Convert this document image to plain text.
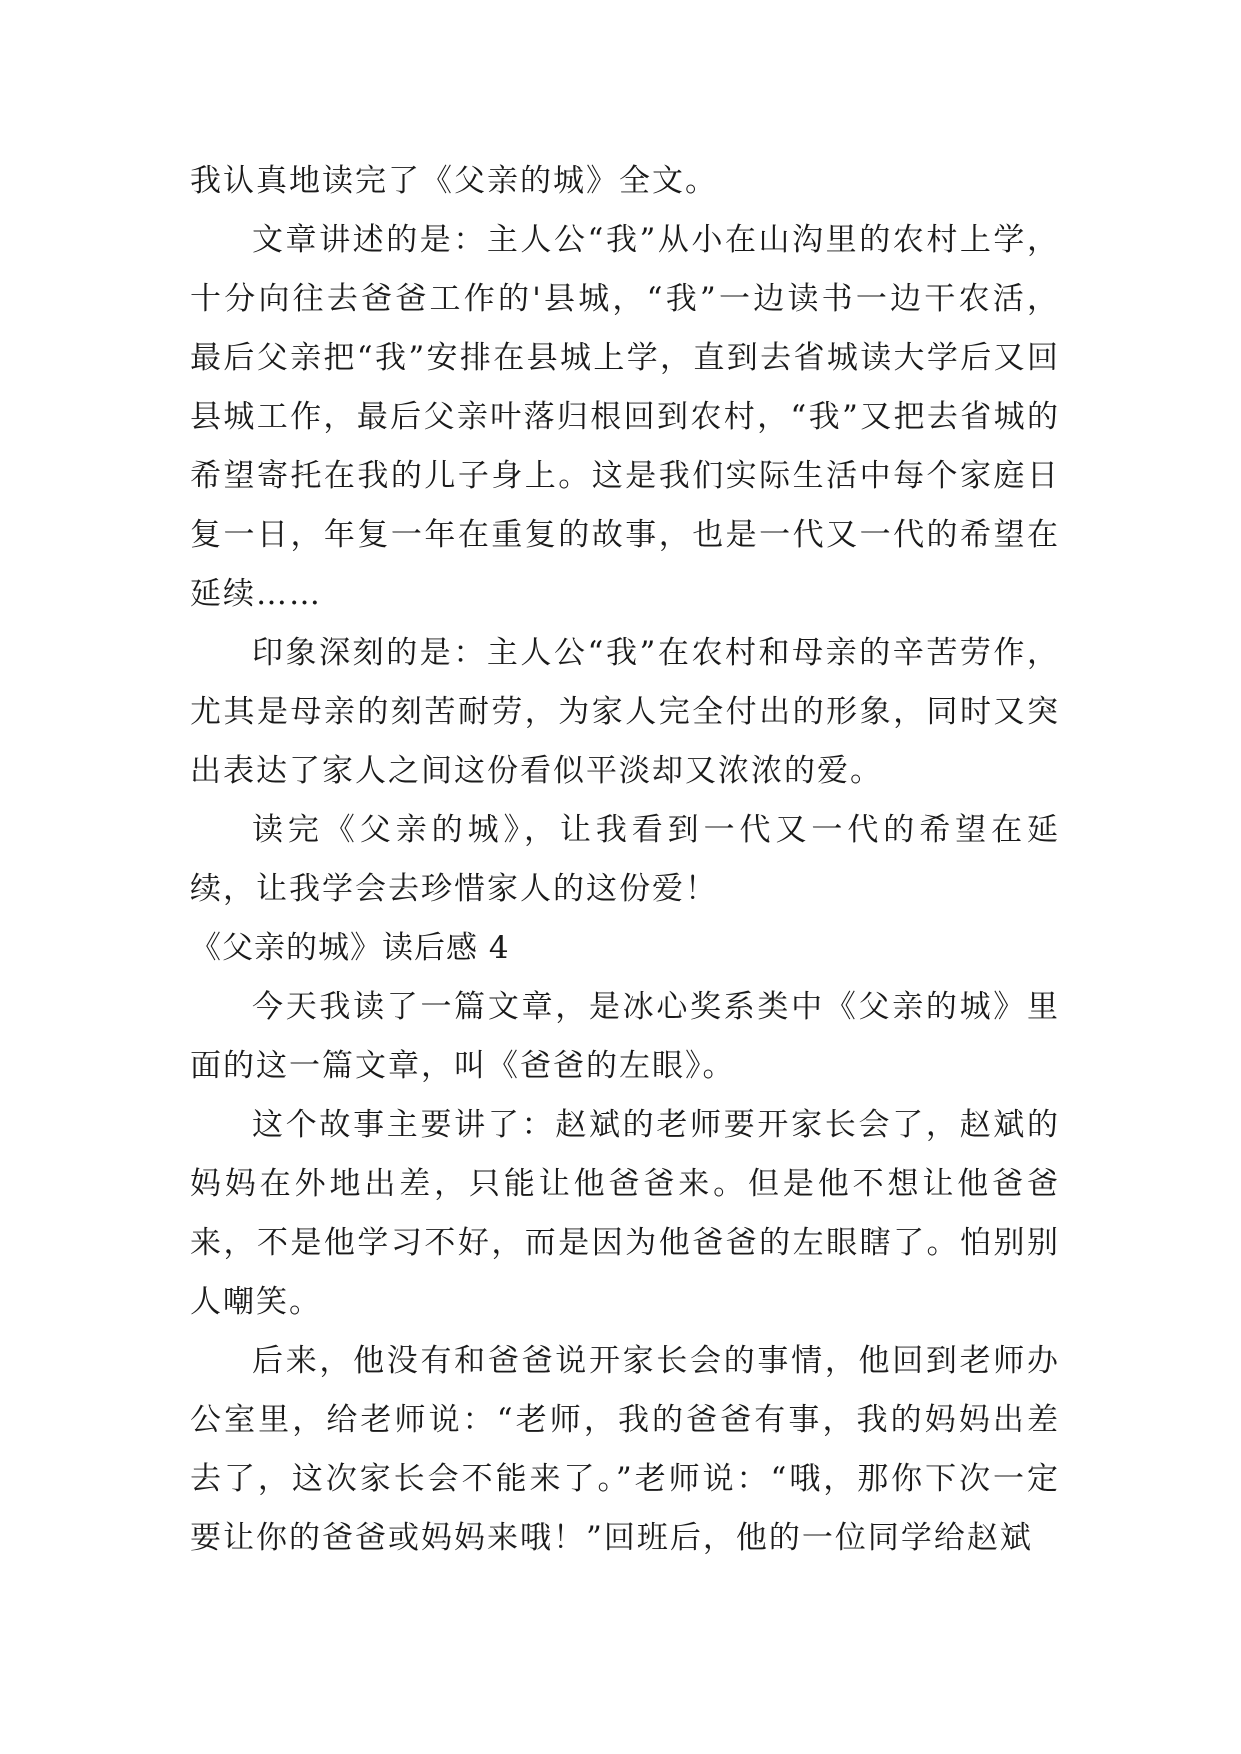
我认真地读完了《父亲的城》全文。

文章讲述的是：主人公“我”从小在山沟里的农村上学，十分向往去爸爸工作的'县城，“我”一边读书一边干农活，最后父亲把“我”安排在县城上学，直到去省城读大学后又回县城工作，最后父亲叶落归根回到农村，“我”又把去省城的希望寄托在我的儿子身上。这是我们实际生活中每个家庭日复一日，年复一年在重复的故事，也是一代又一代的希望在延续……

印象深刻的是：主人公“我”在农村和母亲的辛苦劳作，尤其是母亲的刻苦耐劳，为家人完全付出的形象，同时又突出表达了家人之间这份看似平淡却又浓浓的爱。

读完《父亲的城》，让我看到一代又一代的希望在延续，让我学会去珍惜家人的这份爱！

《父亲的城》读后感 4

今天我读了一篇文章，是冰心奖系类中《父亲的城》里面的这一篇文章，叫《爸爸的左眼》。

这个故事主要讲了：赵斌的老师要开家长会了，赵斌的妈妈在外地出差，只能让他爸爸来。但是他不想让他爸爸来，不是他学习不好，而是因为他爸爸的左眼瞎了。怕别别人嘲笑。

后来，他没有和爸爸说开家长会的事情，他回到老师办公室里，给老师说：“老师，我的爸爸有事，我的妈妈出差去了，这次家长会不能来了。”老师说：“哦，那你下次一定要让你的爸爸或妈妈来哦！”回班后，他的一位同学给赵斌
